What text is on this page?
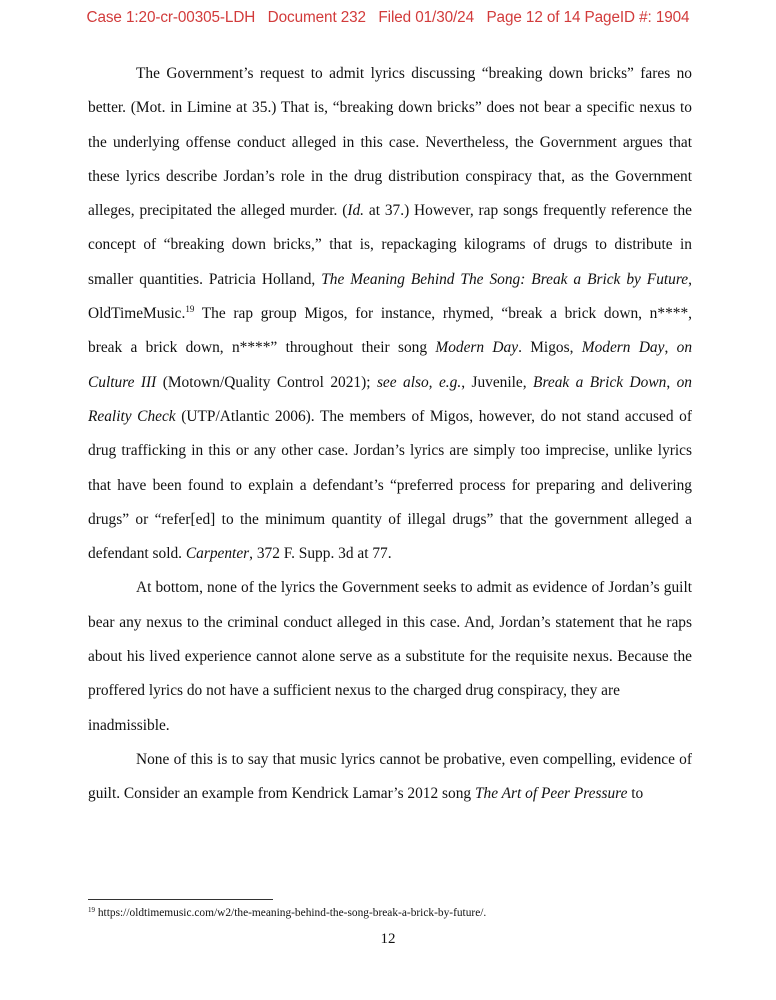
Case 1:20-cr-00305-LDH Document 232 Filed 01/30/24 Page 12 of 14 PageID #: 1904
The Government’s request to admit lyrics discussing “breaking down bricks” fares no
better. (Mot. in Limine at 35.) That is, “breaking down bricks” does not bear a specific nexus to
the underlying offense conduct alleged in this case. Nevertheless, the Government argues that
these lyrics describe Jordan’s role in the drug distribution conspiracy that, as the Government
alleges, precipitated the alleged murder. (Id. at 37.) However, rap songs frequently reference the
concept of “breaking down bricks,” that is, repackaging kilograms of drugs to distribute in
smaller quantities. Patricia Holland, The Meaning Behind The Song: Break a Brick by Future,
OldTimeMusic.$^{19}$ The rap group Migos, for instance, rhymed, “break a brick down, n****,
break a brick down, n****” throughout their song Modern Day. Migos, Modern Day, on
Culture III (Motown/Quality Control 2021); see also, e.g., Juvenile, Break a Brick Down, on
Reality Check (UTP/Atlantic 2006). The members of Migos, however, do not stand accused of
drug trafficking in this or any other case. Jordan’s lyrics are simply too imprecise, unlike lyrics
that have been found to explain a defendant’s “preferred process for preparing and delivering
drugs” or “refer[ed] to the minimum quantity of illegal drugs” that the government alleged a
defendant sold. Carpenter, 372 F. Supp. 3d at 77.
At bottom, none of the lyrics the Government seeks to admit as evidence of Jordan’s guilt
bear any nexus to the criminal conduct alleged in this case. And, Jordan’s statement that he raps
about his lived experience cannot alone serve as a substitute for the requisite nexus. Because the
proffered lyrics do not have a sufficient nexus to the charged drug conspiracy, they are
inadmissible.
None of this is to say that music lyrics cannot be probative, even compelling, evidence of
guilt. Consider an example from Kendrick Lamar’s 2012 song The Art of Peer Pressure to
$^{19}$ https://oldtimemusic.com/w2/the-meaning-behind-the-song-break-a-brick-by-future/.
12
